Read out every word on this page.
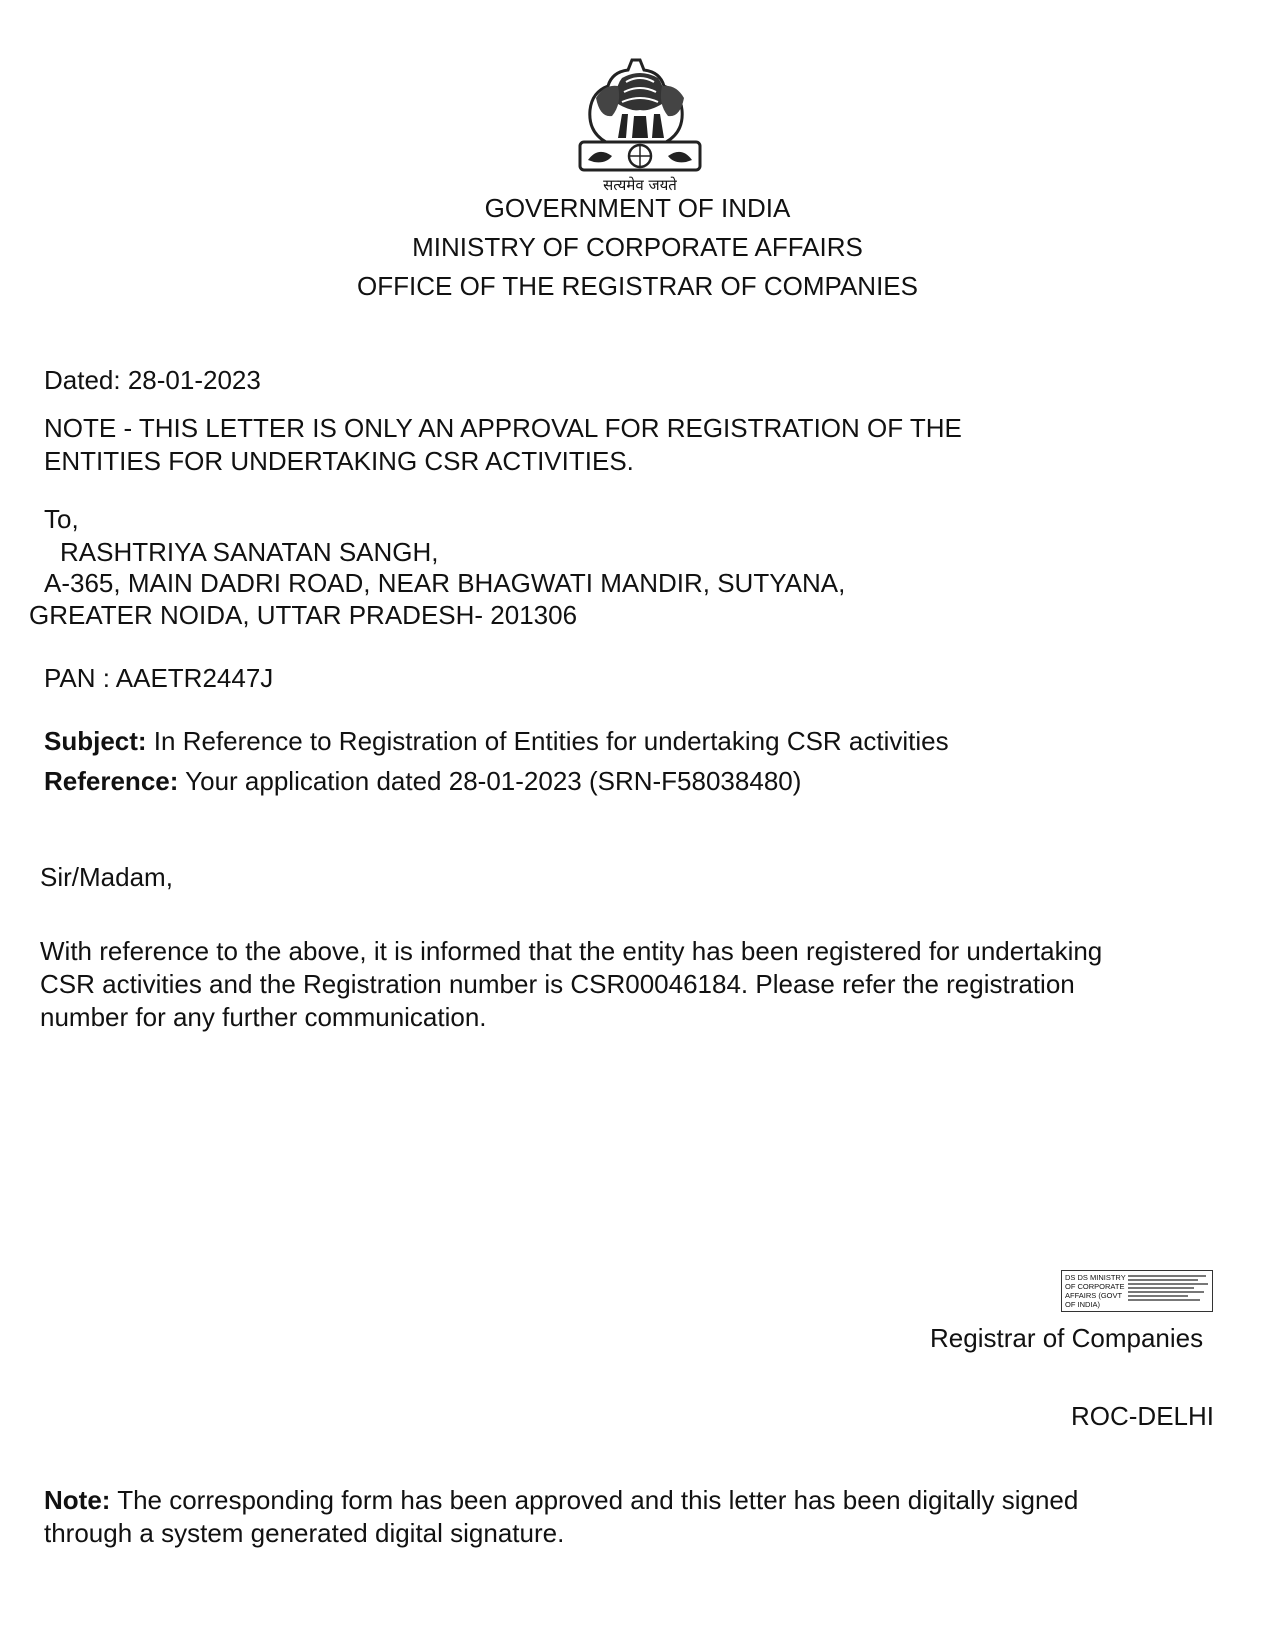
सत्यमेव जयते
GOVERNMENT OF INDIA
MINISTRY OF CORPORATE AFFAIRS
OFFICE OF THE REGISTRAR OF COMPANIES
Dated: 28-01-2023
NOTE - THIS LETTER IS ONLY AN APPROVAL FOR REGISTRATION OF THE
ENTITIES FOR UNDERTAKING CSR ACTIVITIES.
To,
RASHTRIYA SANATAN SANGH,
A-365, MAIN DADRI ROAD, NEAR BHAGWATI MANDIR, SUTYANA,
GREATER NOIDA, UTTAR PRADESH- 201306
PAN : AAETR2447J
Subject: In Reference to Registration of Entities for undertaking CSR activities
Reference: Your application dated 28-01-2023 (SRN-F58038480)
Sir/Madam,
With reference to the above, it is informed that the entity has been registered for undertaking
CSR activities and the Registration number is CSR00046184. Please refer the registration
number for any further communication.
DS DS MINISTRY OF CORPORATE AFFAIRS (GOVT OF INDIA)
Registrar of Companies
ROC-DELHI
Note: The corresponding form has been approved and this letter has been digitally signed
through a system generated digital signature.
